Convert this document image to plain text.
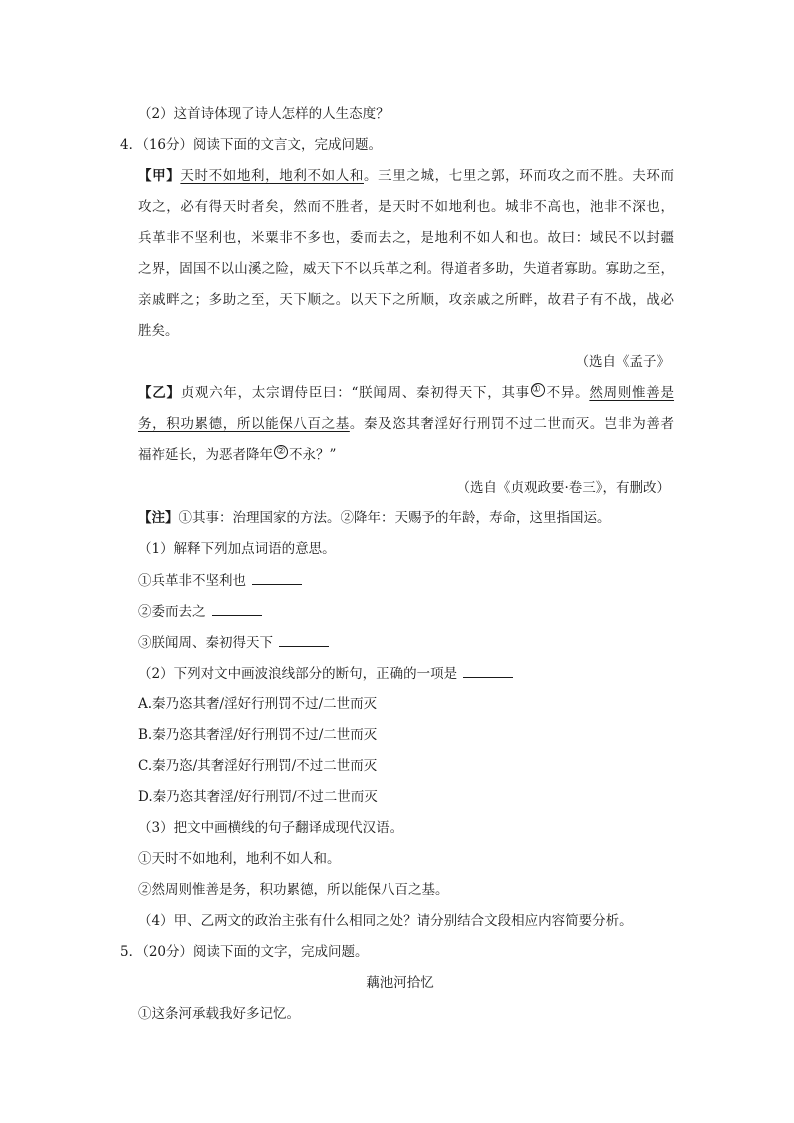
（2）这首诗体现了诗人怎样的人生态度？
4．（16分）阅读下面的文言文，完成问题。
【甲】天时不如地利，地利不如人和。三里之城，七里之郭，环而攻之而不胜。夫环而
攻之，必有得天时者矣，然而不胜者，是天时不如地利也。城非不高也，池非不深也，
兵革非不坚利也，米粟非不多也，委而去之，是地利不如人和也。故曰：域民不以封疆
之界，固国不以山溪之险，威天下不以兵革之利。得道者多助，失道者寡助。寡助之至，
亲戚畔之；多助之至，天下顺之。以天下之所顺，攻亲戚之所畔，故君子有不战，战必
胜矣。
（选自《孟子》
【乙】贞观六年，太宗谓侍臣曰：“朕闻周、秦初得天下，其事 ① 不异。然周则惟善是
务，积功累德，所以能保八百之基。秦及恣其奢淫好行刑罚不过二世而灭。岂非为善者
福祚延长，为恶者降年 ② 不永？”
（选自《贞观政要·卷三》，有删改）
【注】①其事：治理国家的方法。②降年：天赐予的年龄，寿命，这里指国运。
（1）解释下列加点词语的意思。
①兵革非不坚利也
②委而去之
③朕闻周、秦初得天下
（2）下列对文中画波浪线部分的断句，正确的一项是
A.秦乃恣其奢/淫好行刑罚不过/二世而灭
B.秦乃恣其奢淫/好行刑罚不过/二世而灭
C.秦乃恣/其奢淫好行刑罚/不过二世而灭
D.秦乃恣其奢淫/好行刑罚/不过二世而灭
（3）把文中画横线的句子翻译成现代汉语。
①天时不如地利，地利不如人和。
②然周则惟善是务，积功累德，所以能保八百之基。
（4）甲、乙两文的政治主张有什么相同之处？请分别结合文段相应内容简要分析。
5．（20分）阅读下面的文字，完成问题。
藕池河拾忆
①这条河承载我好多记忆。
